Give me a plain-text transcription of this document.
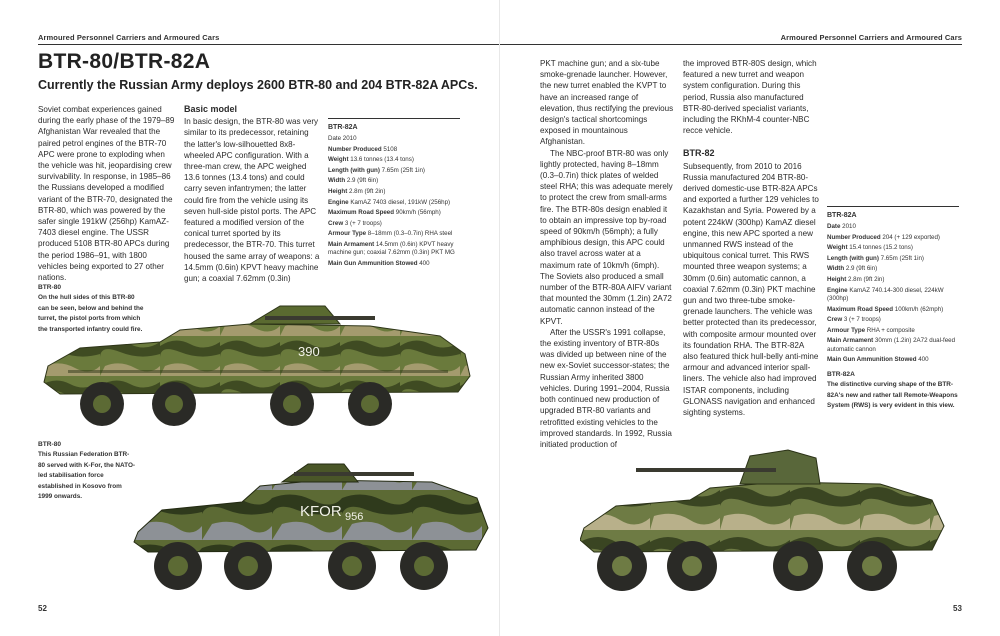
Armoured Personnel Carriers and Armoured Cars
BTR-80/BTR-82A
Currently the Russian Army deploys 2600 BTR-80 and 204 BTR-82A APCs.

Soviet combat experiences gained during the early phase of the 1979–89 Afghanistan War revealed that the paired petrol engines of the BTR-70 APC were prone to exploding when the vehicle was hit, jeopardising crew survivability. In response, in 1985–86 the Russians developed a modified variant of the BTR-70, designated the BTR-80, which was powered by the safer single 191kW (256hp) KamAZ-7403 diesel engine. The USSR produced 5108 BTR-80 APCs during the period 1986–91, with 1800 vehicles being exported to 27 other nations.

Basic model

In basic design, the BTR-80 was very similar to its predecessor, retaining the latter's low-silhouetted 8x8-wheeled APC configuration. With a three-man crew, the APC weighed 13.6 tonnes (13.4 tons) and could carry seven infantrymen; the latter could fire from the vehicle using its seven hull-side pistol ports. The APC featured a modified version of the conical turret sported by its predecessor, the BTR-70. This turret housed the same array of weapons: a 14.5mm (0.6in) KPVT heavy machine gun; a coaxial 7.62mm (0.3in)

BTR-82A
Date 2010
Number Produced 5108
Weight 13.6 tonnes (13.4 tons)
Length (with gun) 7.65m (25ft 1in)
Width 2.9 (9ft 6in)
Height 2.8m (9ft 2in)
Engine KamAZ 7403 diesel, 191kW (256hp)
Maximum Road Speed 90km/h (56mph)
Crew 3 (+ 7 troops)
Armour Type 8–18mm (0.3–0.7in) RHA steel
Main Armament 14.5mm (0.6in) KPVT heavy machine gun; coaxial 7.62mm (0.3in) PKT MG
Main Gun Ammunition Stowed 400
BTR-80
On the hull sides of this BTR-80 can be seen, below and behind the turret, the pistol ports from which the transported infantry could fire.
390
BTR-80
This Russian Federation BTR-80 served with K-For, the NATO-led stabilisation force established in Kosovo from 1999 onwards.
KFOR 956
52
Armoured Personnel Carriers and Armoured Cars

PKT machine gun; and a six-tube smoke-grenade launcher. However, the new turret enabled the KVPT to have an increased range of elevation, thus rectifying the previous design's tactical shortcomings exposed in mountainous Afghanistan.

The NBC-proof BTR-80 was only lightly protected, having 8–18mm (0.3–0.7in) thick plates of welded steel RHA; this was adequate merely to protect the crew from small-arms fire. The BTR-80s design enabled it to obtain an impressive top by-road speed of 90km/h (56mph); a fully amphibious design, this APC could also travel across water at a maximum rate of 10km/h (6mph). The Soviets also produced a small number of the BTR-80A AIFV variant that mounted the 30mm (1.2in) 2A72 automatic cannon instead of the KPVT.

After the USSR's 1991 collapse, the existing inventory of BTR-80s was divided up between nine of the new ex-Soviet successor-states; the Russian Army inherited 3800 vehicles. During 1991–2004, Russia both continued new production of upgraded BTR-80 variants and retrofitted existing vehicles to the improved standards. In 1992, Russia initiated production of

the improved BTR-80S design, which featured a new turret and weapon system configuration. During this period, Russia also manufactured BTR-80-derived specialist variants, including the RKhM-4 counter-NBC recce vehicle.

BTR-82

Subsequently, from 2010 to 2016 Russia manufactured 204 BTR-80-derived domestic-use BTR-82A APCs and exported a further 129 vehicles to Kazakhstan and Syria. Powered by a potent 224kW (300hp) KamAZ diesel engine, this new APC sported a new unmanned RWS instead of the ubiquitous conical turret. This RWS mounted three weapon systems; a 30mm (0.6in) automatic cannon, a coaxial 7.62mm (0.3in) PKT machine gun and two three-tube smoke-grenade launchers. The vehicle was better protected than its predecessor, with composite armour mounted over its foundation RHA. The BTR-82A also featured thick hull-belly anti-mine armour and advanced interior spall-liners. The vehicle also had improved ISTAR components, including GLONASS navigation and enhanced sighting systems.

BTR-82A
Date 2010
Number Produced 204 (+ 129 exported)
Weight 15.4 tonnes (15.2 tons)
Length (with gun) 7.65m (25ft 1in)
Width 2.9 (9ft 6in)
Height 2.8m (9ft 2in)
Engine KamAZ 740.14-300 diesel, 224kW (300hp)
Maximum Road Speed 100km/h (62mph)
Crew 3 (+ 7 troops)
Armour Type RHA + composite
Main Armament 30mm (1.2in) 2A72 dual-feed automatic cannon
Main Gun Ammunition Stowed 400
BTR-82A
The distinctive curving shape of the BTR-82A's new and rather tall Remote-Weapons System (RWS) is very evident in this view.
53
